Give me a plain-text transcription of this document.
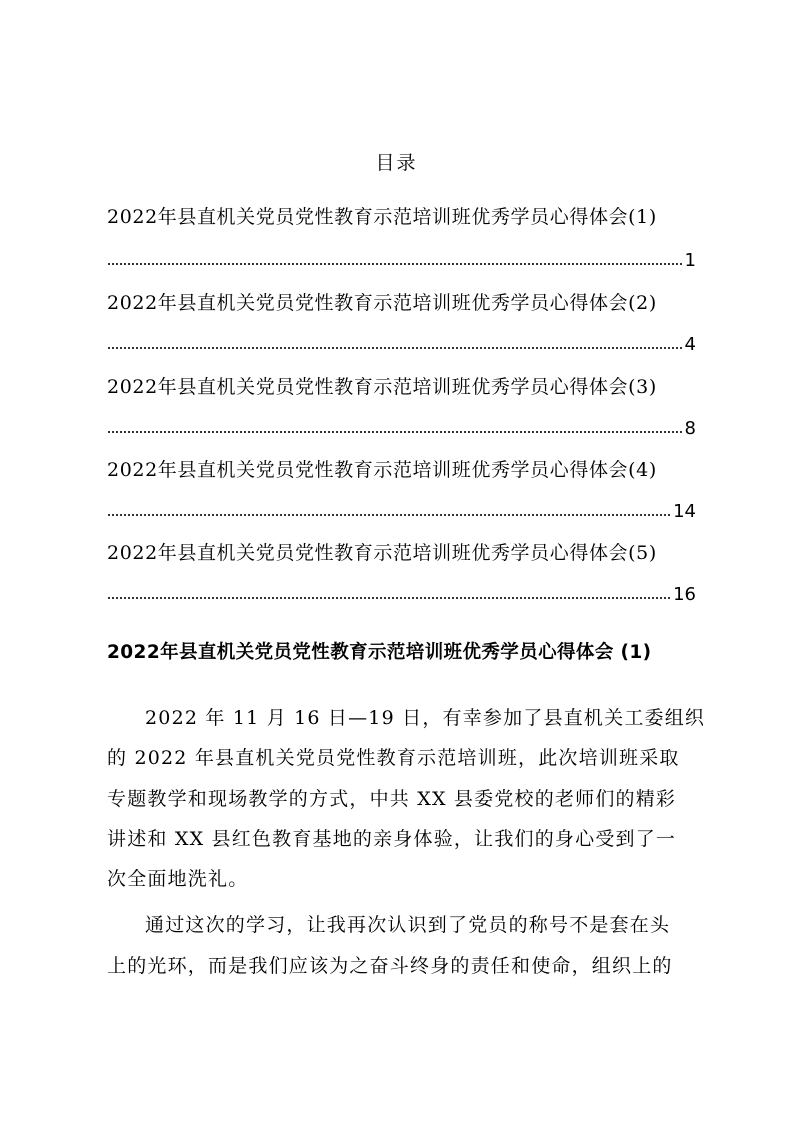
目录
2022年县直机关党员党性教育示范培训班优秀学员心得体会(1)
1
2022年县直机关党员党性教育示范培训班优秀学员心得体会(2)
4
2022年县直机关党员党性教育示范培训班优秀学员心得体会(3)
8
2022年县直机关党员党性教育示范培训班优秀学员心得体会(4)
14
2022年县直机关党员党性教育示范培训班优秀学员心得体会(5)
16
2022年县直机关党员党性教育示范培训班优秀学员心得体会 (1)
2022 年 11 月 16 日—19 日，有幸参加了县直机关工委组织
的 2022 年县直机关党员党性教育示范培训班，此次培训班采取
专题教学和现场教学的方式，中共 XX 县委党校的老师们的精彩
讲述和 XX 县红色教育基地的亲身体验，让我们的身心受到了一
次全面地洗礼。
通过这次的学习，让我再次认识到了党员的称号不是套在头
上的光环，而是我们应该为之奋斗终身的责任和使命，组织上的
